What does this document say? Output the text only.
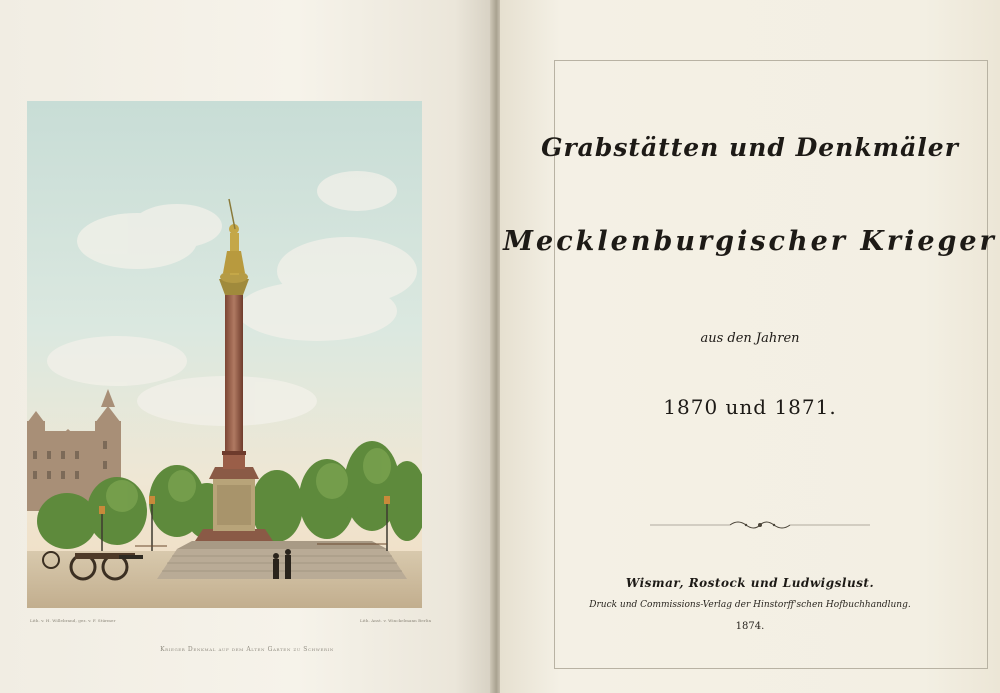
Lith. v. H. Willebrand, gez. v. F. Stürmer	Lith. Anst. v. Winckelmann Berlin
Krieger Denkmal auf dem Alten Garten zu Schwerin
Grabstätten und Denkmäler
Mecklenburgischer Krieger
aus den Jahren
1870 und 1871.
Wismar, Rostock und Ludwigslust.
Druck und Commissions-Verlag der Hinstorff'schen Hofbuchhandlung.
1874.
